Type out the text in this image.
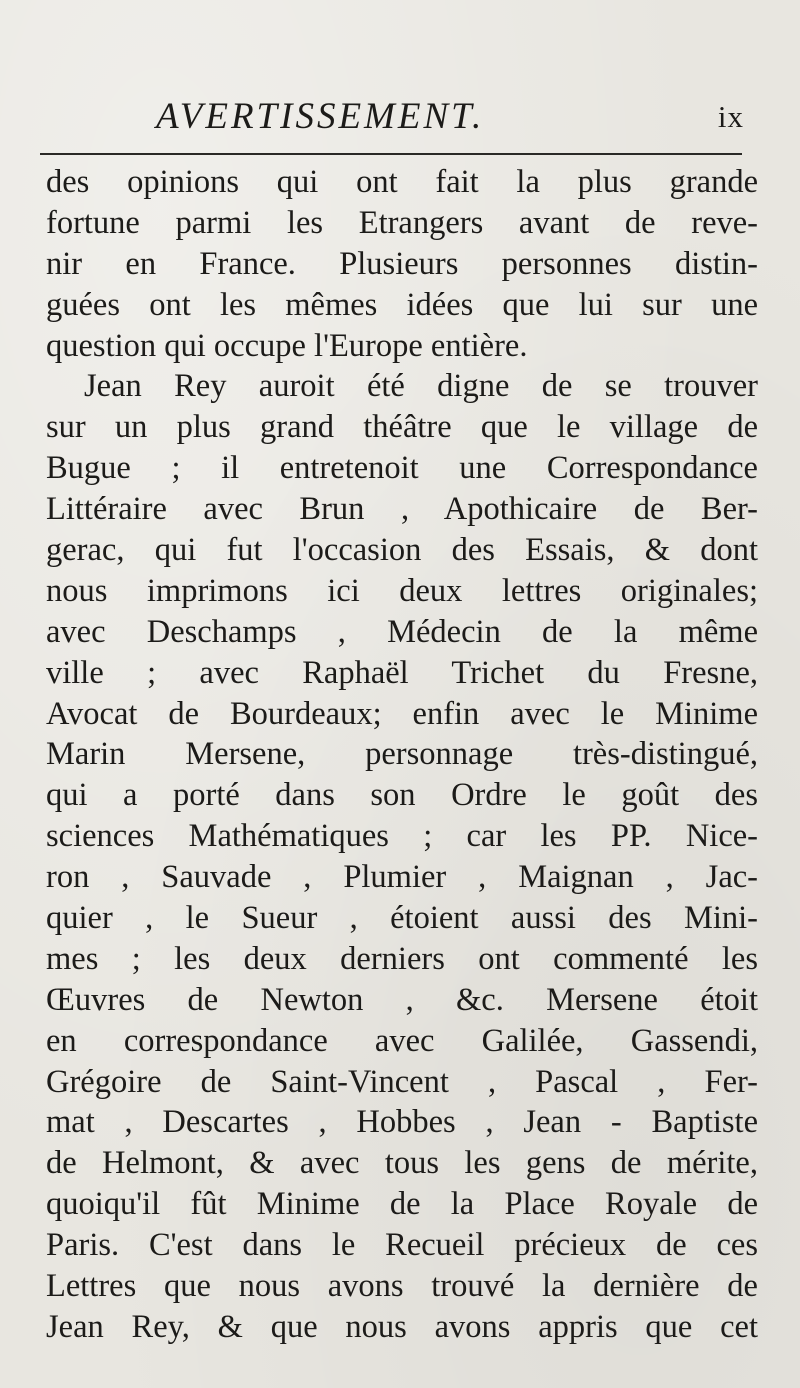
AVERTISSEMENT.	ix
des opinions qui ont fait la plus grande
fortune parmi les Etrangers avant de reve-
nir en France. Plusieurs personnes distin-
guées ont les mêmes idées que lui sur une
question qui occupe l'Europe entière.
Jean Rey auroit été digne de se trouver
sur un plus grand théâtre que le village de
Bugue ; il entretenoit une Correspondance
Littéraire avec Brun , Apothicaire de Ber-
gerac, qui fut l'occasion des Essais, & dont
nous imprimons ici deux lettres originales;
avec Deschamps , Médecin de la même
ville ; avec Raphaël Trichet du Fresne,
Avocat de Bourdeaux; enfin avec le Minime
Marin Mersene, personnage très-distingué,
qui a porté dans son Ordre le goût des
sciences Mathématiques ; car les PP. Nice-
ron , Sauvade , Plumier , Maignan , Jac-
quier , le Sueur , étoient aussi des Mini-
mes ; les deux derniers ont commenté les
Œuvres de Newton , &c. Mersene étoit
en correspondance avec Galilée, Gassendi,
Grégoire de Saint-Vincent , Pascal , Fer-
mat , Descartes , Hobbes , Jean - Baptiste
de Helmont, & avec tous les gens de mérite,
quoiqu'il fût Minime de la Place Royale de
Paris. C'est dans le Recueil précieux de ces
Lettres que nous avons trouvé la dernière de
Jean Rey, & que nous avons appris que cet
